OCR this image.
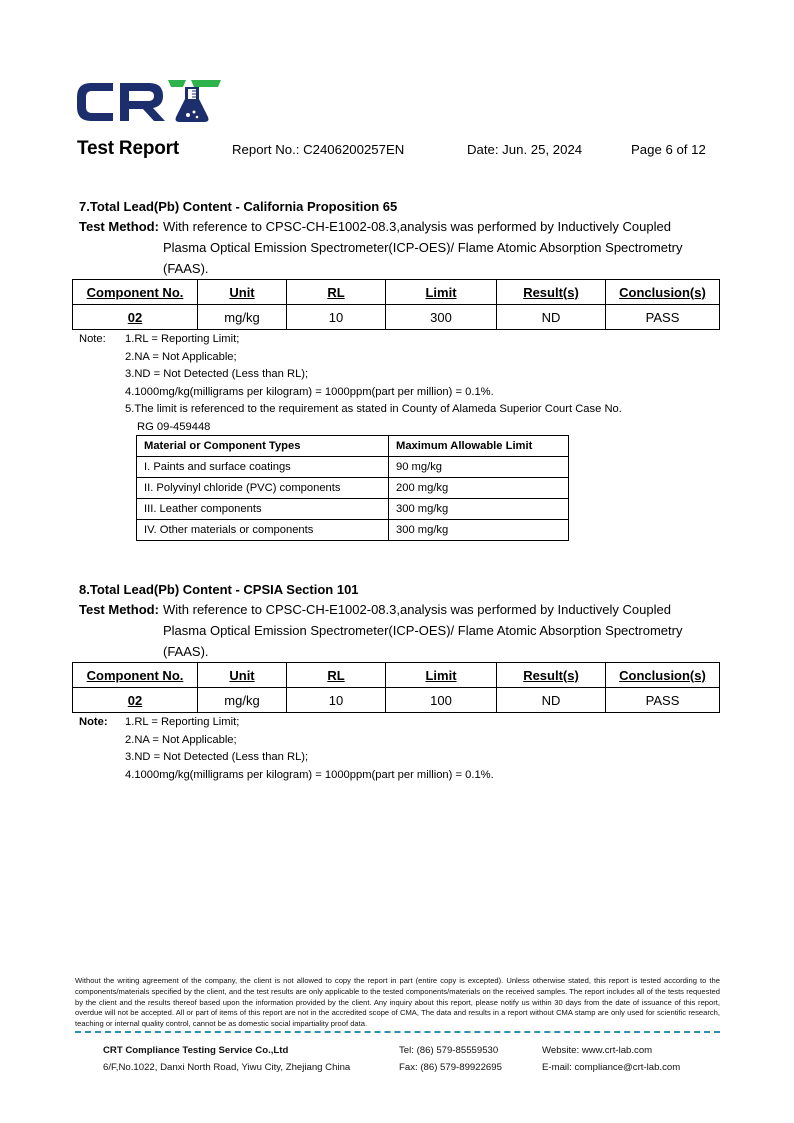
Test Report	Report No.: C2406200257EN	Date: Jun. 25, 2024	Page 6 of 12
7.Total Lead(Pb) Content - California Proposition 65
Test Method: With reference to CPSC-CH-E1002-08.3,analysis was performed by Inductively Coupled
Plasma Optical Emission Spectrometer(ICP-OES)/ Flame Atomic Absorption Spectrometry
(FAAS).
Component No.	Unit	RL	Limit	Result(s)	Conclusion(s)
02	mg/kg	10	300	ND	PASS
Note: 1.RL = Reporting Limit;
2.NA = Not Applicable;
3.ND = Not Detected (Less than RL);
4.1000mg/kg(milligrams per kilogram) = 1000ppm(part per million) = 0.1%.
5.The limit is referenced to the requirement as stated in County of Alameda Superior Court Case No.
RG 09-459448
Material or Component Types	Maximum Allowable Limit
I. Paints and surface coatings	90 mg/kg
II. Polyvinyl chloride (PVC) components	200 mg/kg
III. Leather components	300 mg/kg
IV. Other materials or components	300 mg/kg
8.Total Lead(Pb) Content - CPSIA Section 101
Test Method: With reference to CPSC-CH-E1002-08.3,analysis was performed by Inductively Coupled
Plasma Optical Emission Spectrometer(ICP-OES)/ Flame Atomic Absorption Spectrometry
(FAAS).
Component No.	Unit	RL	Limit	Result(s)	Conclusion(s)
02	mg/kg	10	100	ND	PASS
Note: 1.RL = Reporting Limit;
2.NA = Not Applicable;
3.ND = Not Detected (Less than RL);
4.1000mg/kg(milligrams per kilogram) = 1000ppm(part per million) = 0.1%.
Without the writing agreement of the company, the client is not allowed to copy the report in part (entire copy is excepted). Unless otherwise stated, this report is tested according to the components/materials specified by the client, and the test results are only applicable to the tested components/materials on the received samples. The report includes all of the tests requested by the client and the results thereof based upon the information provided by the client. Any inquiry about this report, please notify us within 30 days from the date of issuance of this report, overdue will not be accepted. All or part of items of this report are not in the accredited scope of CMA, The data and results in a report without CMA stamp are only used for scientific research, teaching or internal quality control, cannot be as domestic social impartiality proof data.
CRT Compliance Testing Service Co.,Ltd
6/F,No.1022, Danxi North Road, Yiwu City, Zhejiang China
Tel: (86) 579-85559530
Fax: (86) 579-89922695
Website: www.crt-lab.com
E-mail: compliance@crt-lab.com
